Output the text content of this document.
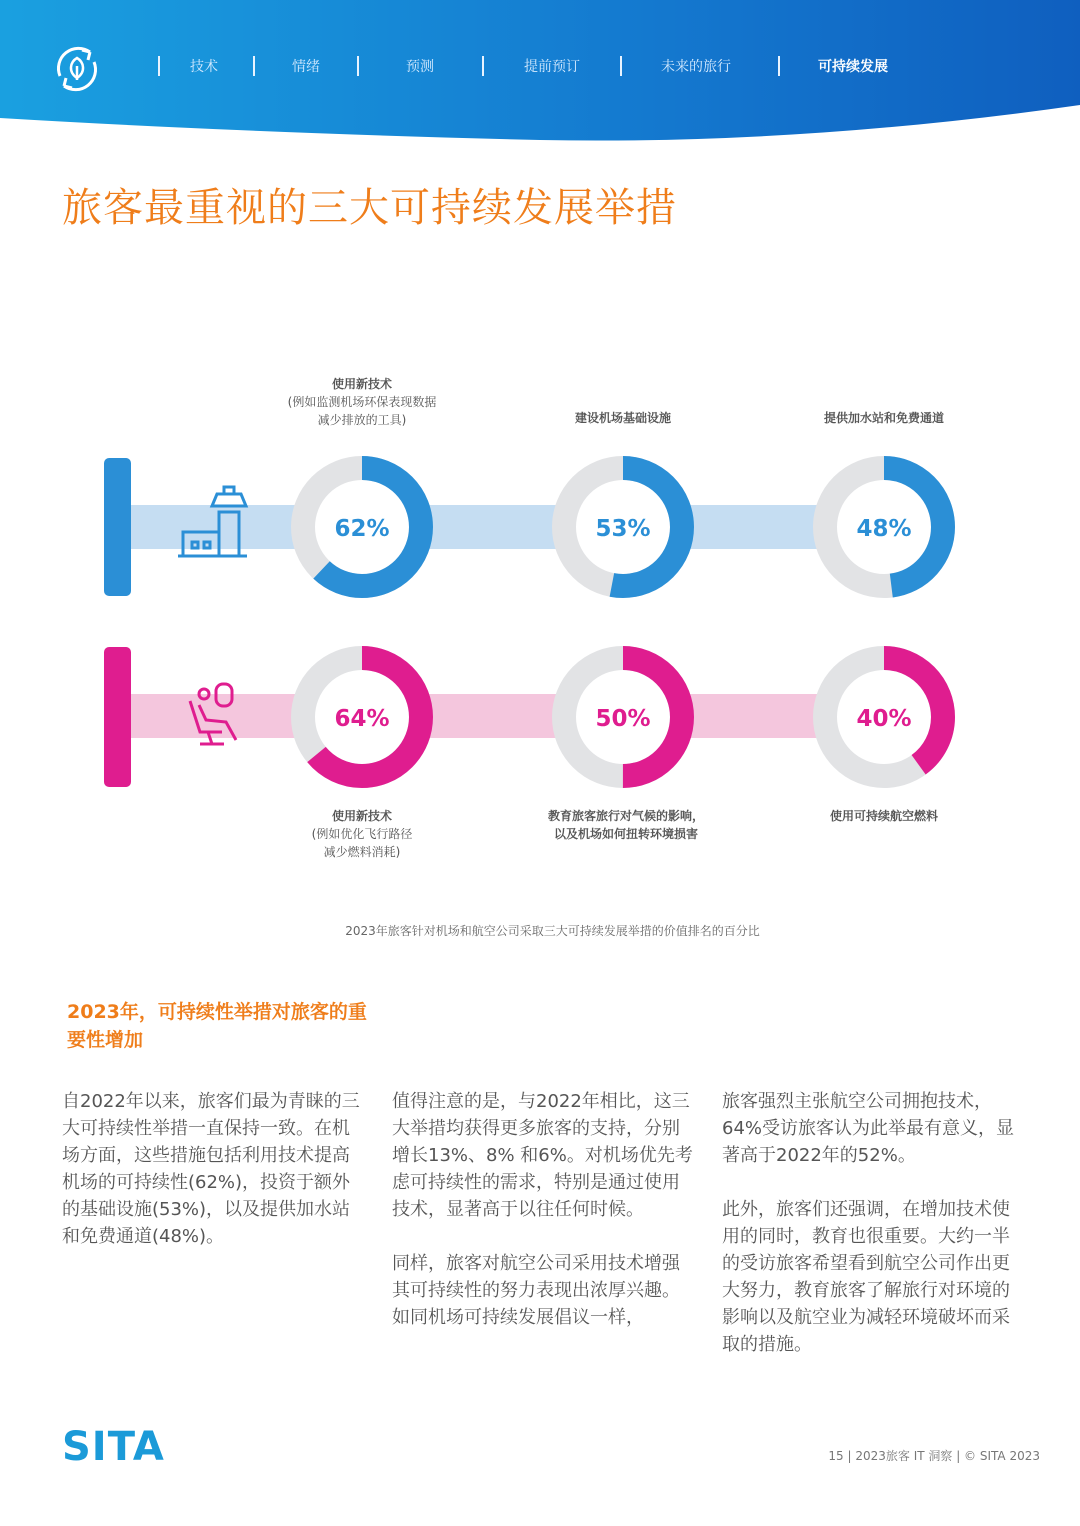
技术	情绪	预测	提前预订	未来的旅行	可持续发展
旅客最重视的三大可持续发展举措
62%	53%	48%
64%	50%	40%
使用新技术
(例如监测机场环保表现数据
减少排放的工具)	建设机场基础设施	提供加水站和免费通道
使用新技术
(例如优化飞行路径
减少燃料消耗)
教育旅客旅行对气候的影响，
以及机场如何扭转环境损害
使用可持续航空燃料
2023年旅客针对机场和航空公司采取三大可持续发展举措的价值排名的百分比
2023年，可持续性举措对旅客的重要性增加

自2022年以来，旅客们最为青睐的三大可持续性举措一直保持一致。在机场方面，这些措施包括利用技术提高机场的可持续性(62%)，投资于额外的基础设施(53%)，以及提供加水站和免费通道(48%)。

值得注意的是，与2022年相比，这三大举措均获得更多旅客的支持，分别增长13%、8% 和6%。对机场优先考虑可持续性的需求，特别是通过使用技术，显著高于以往任何时候。

同样，旅客对航空公司采用技术增强其可持续性的努力表现出浓厚兴趣。如同机场可持续发展倡议一样，

旅客强烈主张航空公司拥抱技术，64%受访旅客认为此举最有意义，显著高于2022年的52%。

此外，旅客们还强调，在增加技术使用的同时，教育也很重要。大约一半的受访旅客希望看到航空公司作出更大努力，教育旅客了解旅行对环境的影响以及航空业为减轻环境破坏而采取的措施。

SITA	15 | 2023旅客 IT 洞察 | © SITA 2023
